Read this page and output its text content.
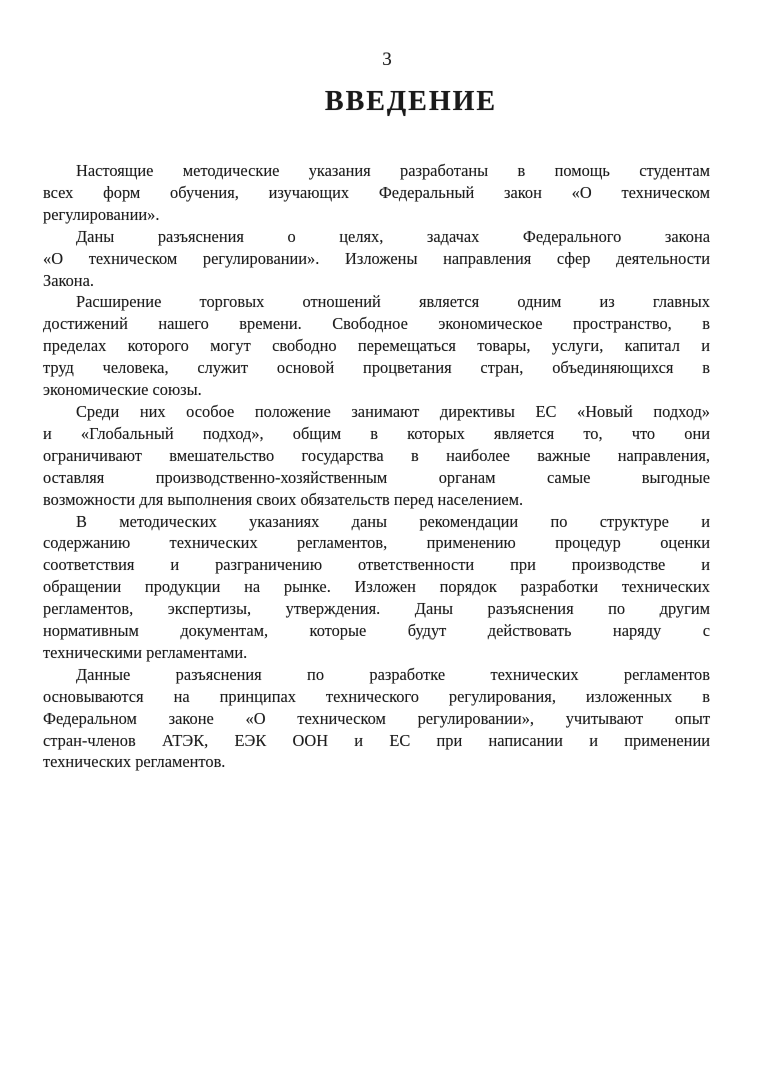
3
ВВЕДЕНИЕ
Настоящие методические указания разработаны в помощь студентам
всех форм обучения, изучающих Федеральный закон «О техническом
регулировании».
Даны разъяснения о целях, задачах Федерального закона
«О техническом регулировании». Изложены направления сфер деятельности
Закона.
Расширение торговых отношений является одним из главных
достижений нашего времени. Свободное экономическое пространство, в
пределах которого могут свободно перемещаться товары, услуги, капитал и
труд человека, служит основой процветания стран, объединяющихся в
экономические союзы.
Среди них особое положение занимают директивы ЕС «Новый подход»
и «Глобальный подход», общим в которых является то, что они
ограничивают вмешательство государства в наиболее важные направления,
оставляя производственно-хозяйственным органам самые выгодные
возможности для выполнения своих обязательств перед населением.
В методических указаниях даны рекомендации по структуре и
содержанию технических регламентов, применению процедур оценки
соответствия и разграничению ответственности при производстве и
обращении продукции на рынке. Изложен порядок разработки технических
регламентов, экспертизы, утверждения. Даны разъяснения по другим
нормативным документам, которые будут действовать наряду с
техническими регламентами.
Данные разъяснения по разработке технических регламентов
основываются на принципах технического регулирования, изложенных в
Федеральном законе «О техническом регулировании», учитывают опыт
стран-членов АТЭК, ЕЭК ООН и ЕС при написании и применении
технических регламентов.
